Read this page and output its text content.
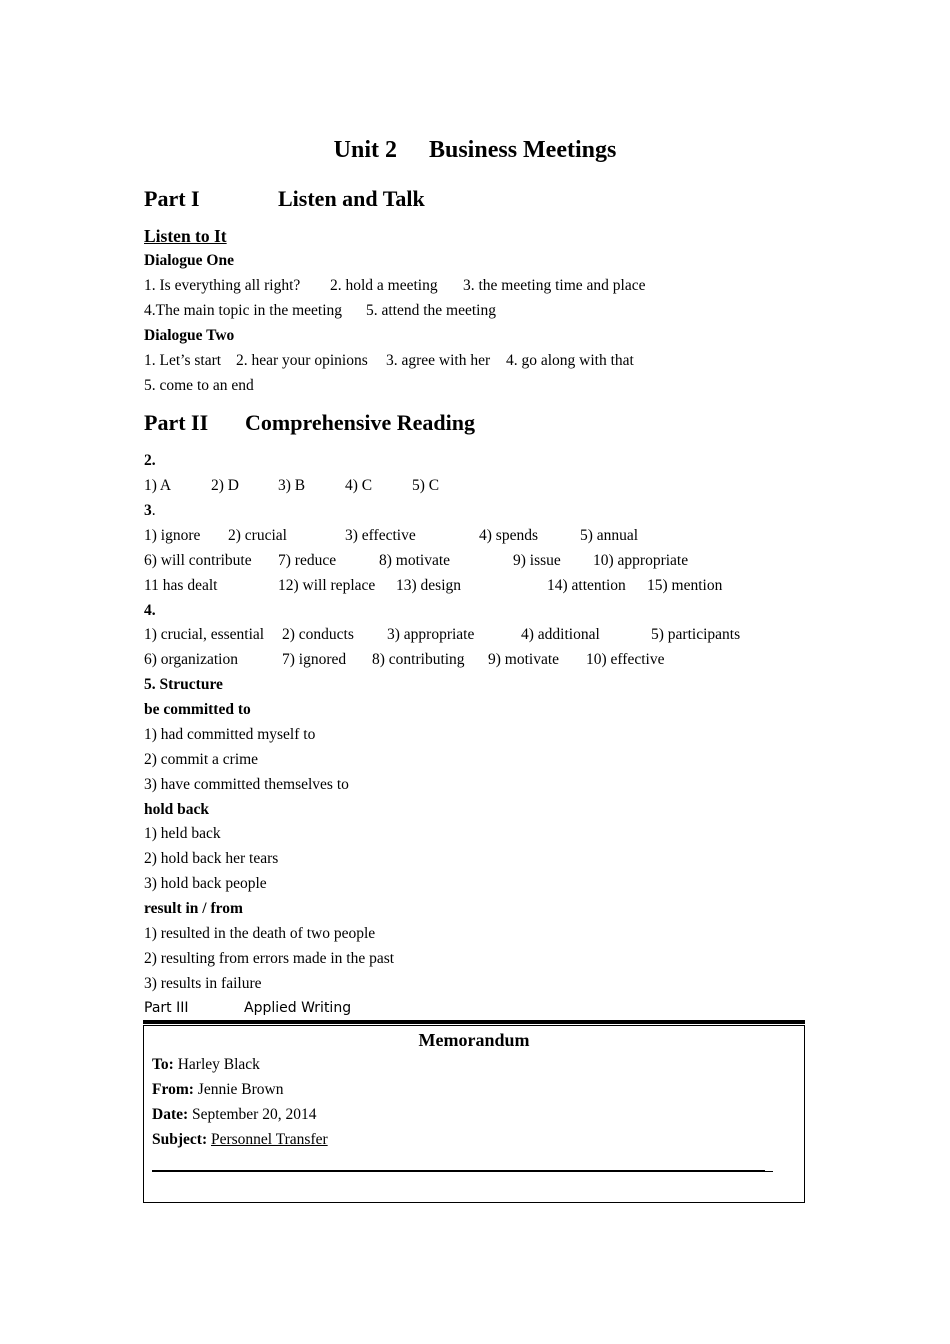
Unit 2 Business Meetings
Part I	Listen and Talk
Listen to It
Dialogue One
1. Is everything all right? 2. hold a meeting 3. the meeting time and place
4.The main topic in the meeting 5. attend the meeting
Dialogue Two
1. Let’s start 2. hear your opinions 3. agree with her 4. go along with that
5. come to an end
Part II Comprehensive Reading
2.
1) A	2) D	3) B	4) C	5) C
3.
1) ignore 2) crucial	3) effective	4) spends	5) annual
6) will contribute 7) reduce	8) motivate	9) issue 10) appropriate
11 has dealt	12) will replace 13) design	14) attention 15) mention
4.
1) crucial, essential 2) conducts 3) appropriate	4) additional	5) participants
6) organization	7) ignored 8) contributing 9) motivate 10) effective
5. Structure
be committed to
1) had committed myself to
2) commit a crime
3) have committed themselves to
hold back
1) held back
2) hold back her tears
3) hold back people
result in / from
1) resulted in the death of two people
2) resulting from errors made in the past
3) results in failure
Part III	Applied Writing
Memorandum
To: Harley Black
From: Jennie Brown
Date: September 20, 2014
Subject: Personnel Transfer
